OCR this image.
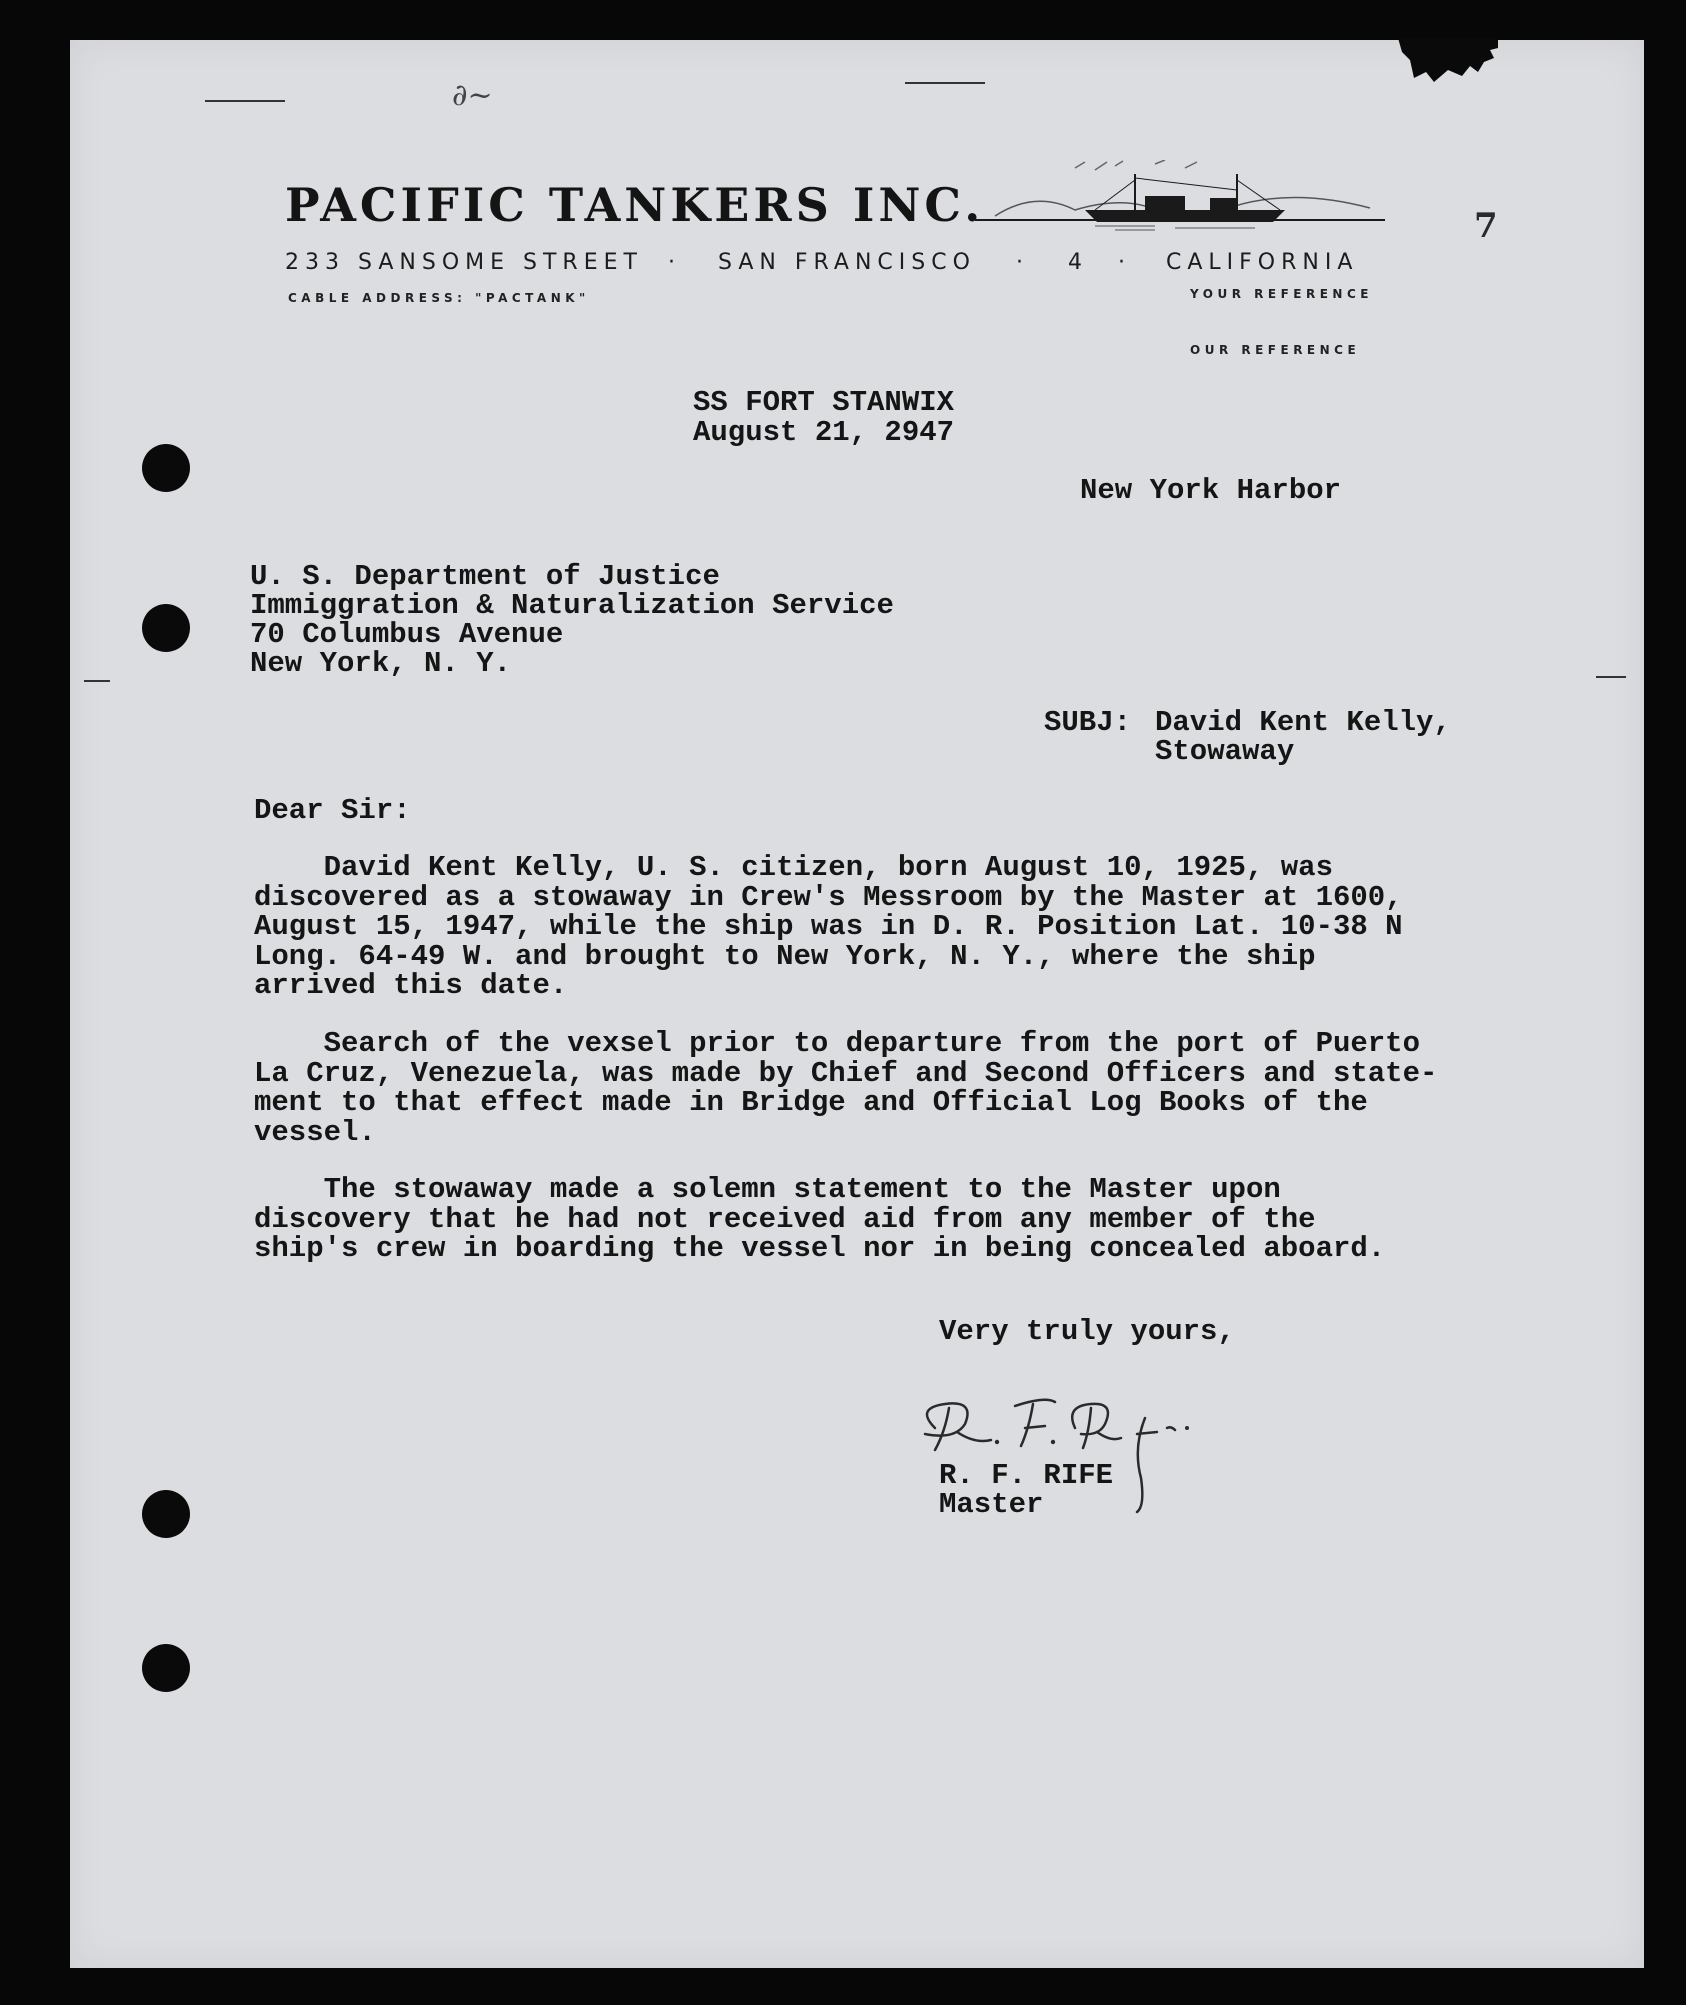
∂~
PACIFIC TANKERS INC.
233 SANSOME STREET · SAN FRANCISCO · 4 · CALIFORNIA
CABLE ADDRESS: "PACTANK"	YOUR REFERENCE
OUR REFERENCE
7
SS FORT STANWIX
August 21, 2947
New York Harbor
U. S. Department of Justice
Immiggration & Naturalization Service
70 Columbus Avenue
New York, N. Y.
SUBJ: David Kent Kelly,
Stowaway
Dear Sir:
David Kent Kelly, U. S. citizen, born August 10, 1925, was
discovered as a stowaway in Crew's Messroom by the Master at 1600,
August 15, 1947, while the ship was in D. R. Position Lat. 10-38 N
Long. 64-49 W. and brought to New York, N. Y., where the ship
arrived this date.
Search of the vexsel prior to departure from the port of Puerto
La Cruz, Venezuela, was made by Chief and Second Officers and state-
ment to that effect made in Bridge and Official Log Books of the
vessel.
The stowaway made a solemn statement to the Master upon
discovery that he had not received aid from any member of the
ship's crew in boarding the vessel nor in being concealed aboard.
Very truly yours,
R. F. RIFE
Master
